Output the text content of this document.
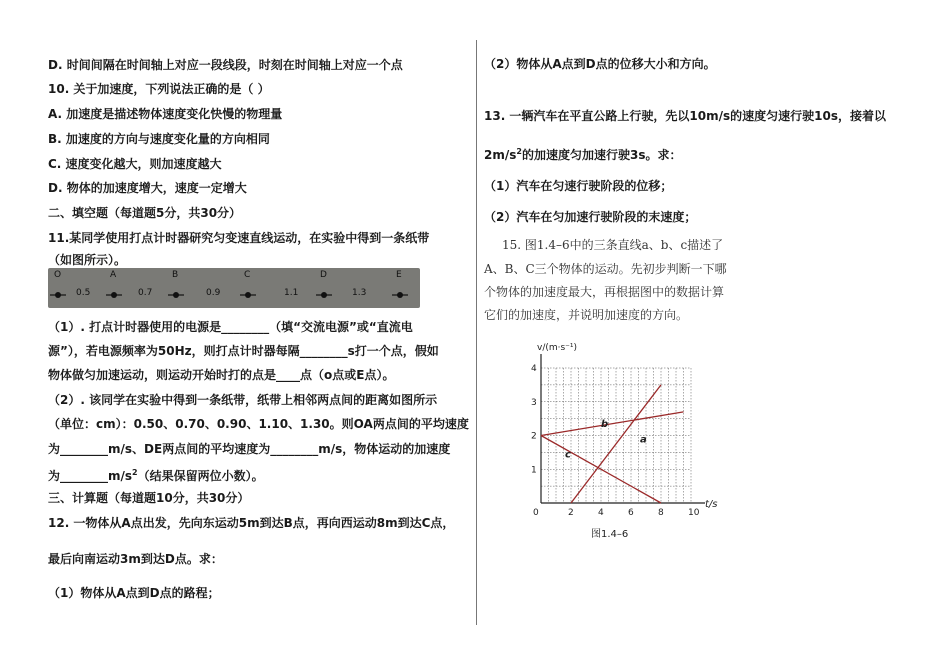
D. 时间间隔在时间轴上对应一段线段，时刻在时间轴上对应一个点
10. 关于加速度，下列说法正确的是（ ）
A. 加速度是描述物体速度变化快慢的物理量
B. 加速度的方向与速度变化量的方向相同
C. 速度变化越大，则加速度越大
D. 物体的加速度增大，速度一定增大
二、填空题（每道题5分，共30分）
11.某同学使用打点计时器研究匀变速直线运动，在实验中得到一条纸带
（如图所示）。
O	A	B	C	D	E
0.5	0.7	0.9	1.1	1.3
（1）. 打点计时器使用的电源是________（填“交流电源”或“直流电
源”），若电源频率为50Hz，则打点计时器每隔________s打一个点，假如
物体做匀加速运动，则运动开始时打的点是____点（o点或E点）。
（2）. 该同学在实验中得到一条纸带，纸带上相邻两点间的距离如图所示
（单位：cm）：0.50、0.70、0.90、1.10、1.30。则OA两点间的平均速度
为________m/s、DE两点间的平均速度为________m/s，物体运动的加速度
为$\_\_\_\_\_\_\_\_m/s^2$（结果保留两位小数）。
三、计算题（每道题10分，共30分）
12. 一物体从A点出发，先向东运动5m到达B点，再向西运动8m到达C点，
最后向南运动3m到达D点。求：
（1）物体从A点到D点的路程；
（2）物体从A点到D点的位移大小和方向。
13. 一辆汽车在平直公路上行驶，先以10m/s的速度匀速行驶10s，接着以
$2m/s^2$的加速度匀加速行驶3s。求：
（1）汽车在匀速行驶阶段的位移；
（2）汽车在匀加速行驶阶段的末速度；
15. 图1.4–6中的三条直线a、b、c描述了
A、B、C三个物体的运动。先初步判断一下哪
个物体的加速度最大，再根据图中的数据计算
它们的加速度，并说明加速度的方向。
v/(m·s⁻¹)
t/s
0	2	4	6	8	10
1
2
3
4
a
b
c
图1.4–6
